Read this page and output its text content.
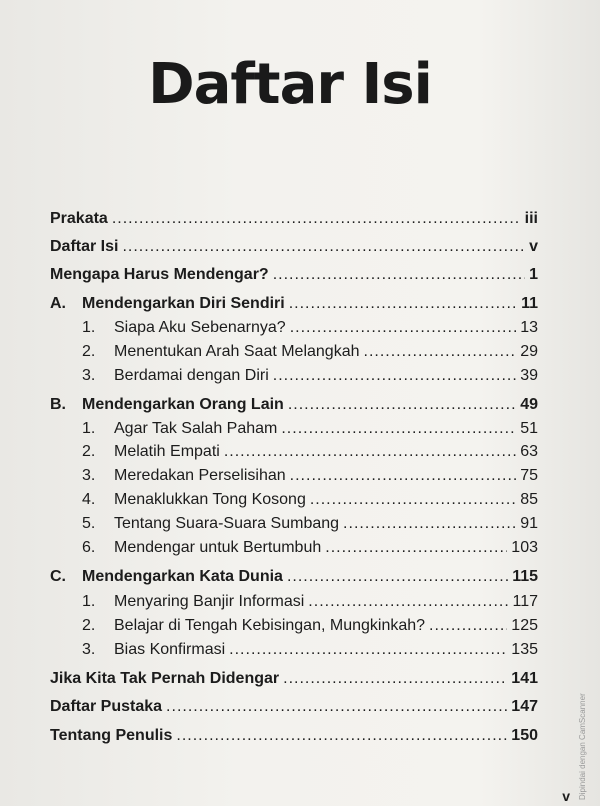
Daftar Isi
Prakata .....	iii
Daftar Isi .....	v
Mengapa Harus Mendengar? .....	1
A.	Mendengarkan Diri Sendiri .....	11
1.	Siapa Aku Sebenarnya? .....	13
2.	Menentukan Arah Saat Melangkah .....	29
3.	Berdamai dengan Diri .....	39
B.	Mendengarkan Orang Lain .....	49
1.	Agar Tak Salah Paham .....	51
2.	Melatih Empati .....	63
3.	Meredakan Perselisihan .....	75
4.	Menaklukkan Tong Kosong .....	85
5.	Tentang Suara-Suara Sumbang .....	91
6.	Mendengar untuk Bertumbuh .....	103
C.	Mendengarkan Kata Dunia .....	115
1.	Menyaring Banjir Informasi .....	117
2.	Belajar di Tengah Kebisingan, Mungkinkah? .....	125
3.	Bias Konfirmasi .....	135
Jika Kita Tak Pernah Didengar .....	141
Daftar Pustaka .....	147
Tentang Penulis .....	150
v Dipindai dengan CamScanner
